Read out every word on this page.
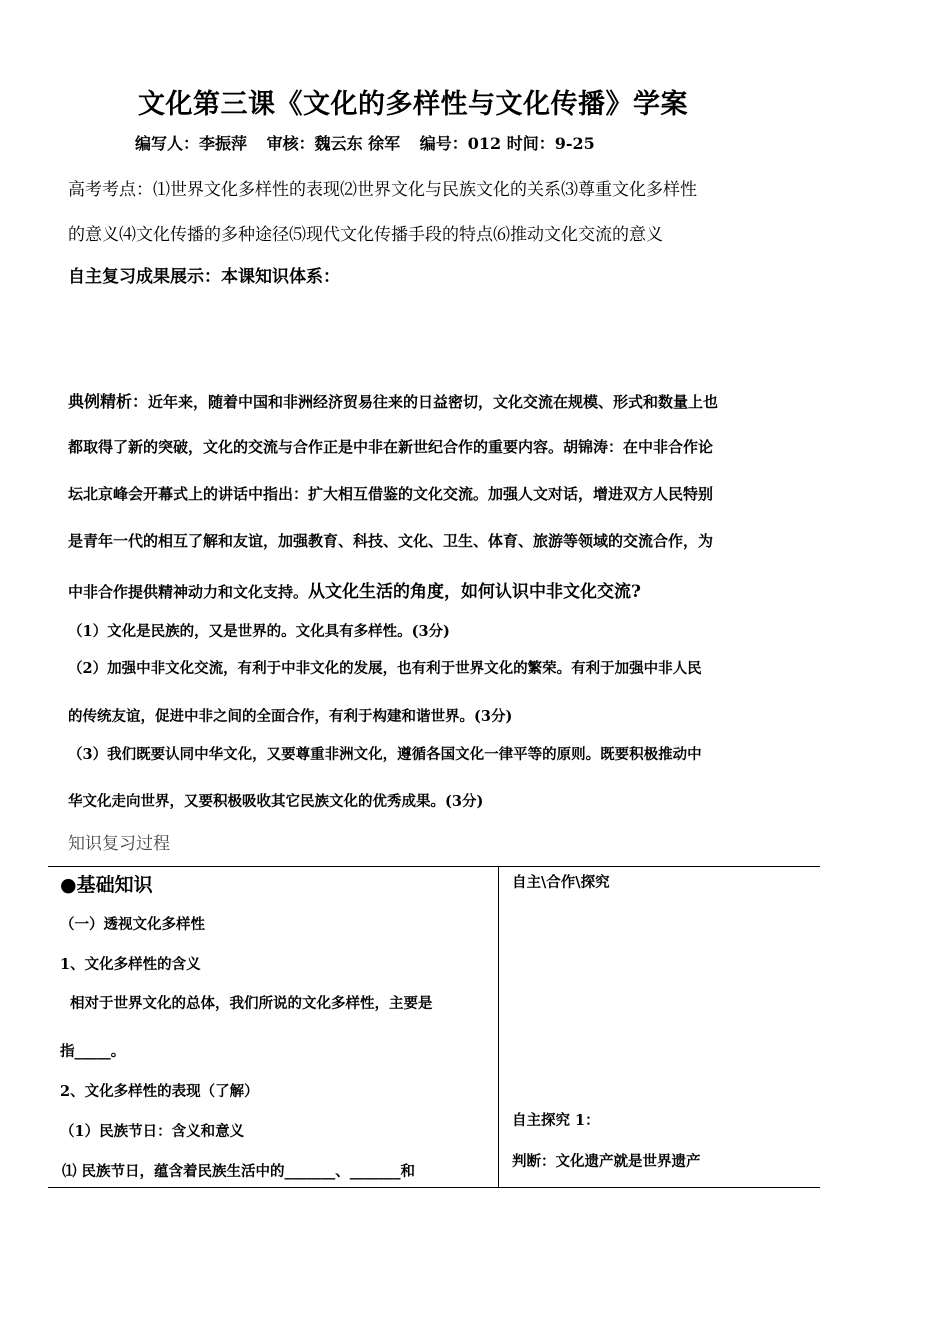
文化第三课《文化的多样性与文化传播》学案
编写人：李振萍 审核：魏云东 徐军 编号：012 时间：9-25
高考考点：⑴世界文化多样性的表现⑵世界文化与民族文化的关系⑶尊重文化多样性
的意义⑷文化传播的多种途径⑸现代文化传播手段的特点⑹推动文化交流的意义
自主复习成果展示：本课知识体系：
典例精析：近年来，随着中国和非洲经济贸易往来的日益密切，文化交流在规模、形式和数量上也
都取得了新的突破，文化的交流与合作正是中非在新世纪合作的重要内容。胡锦涛：在中非合作论
坛北京峰会开幕式上的讲话中指出：扩大相互借鉴的文化交流。加强人文对话，增进双方人民特别
是青年一代的相互了解和友谊，加强教育、科技、文化、卫生、体育、旅游等领域的交流合作，为
中非合作提供精神动力和文化支持。从文化生活的角度，如何认识中非文化交流?
（1）文化是民族的，又是世界的。文化具有多样性。(3分)
（2）加强中非文化交流，有利于中非文化的发展，也有利于世界文化的繁荣。有利于加强中非人民
的传统友谊，促进中非之间的全面合作，有利于构建和谐世界。(3分)
（3）我们既要认同中华文化，又要尊重非洲文化，遵循各国文化一律平等的原则。既要积极推动中
华文化走向世界，又要积极吸收其它民族文化的优秀成果。(3分)
知识复习过程
●基础知识
（一）透视文化多样性
1、文化多样性的含义
相对于世界文化的总体，我们所说的文化多样性，主要是
指_____。
2、文化多样性的表现（了解）
（1）民族节日：含义和意义
⑴ 民族节日，蕴含着民族生活中的_______、_______和
自主\合作\探究
自主探究 1：
判断：文化遗产就是世界遗产
